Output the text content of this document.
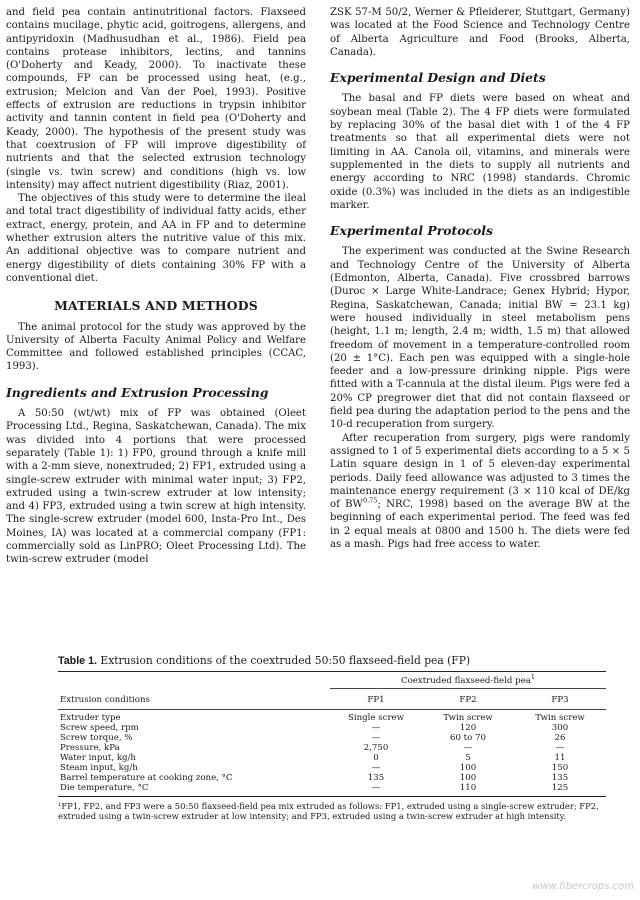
and field pea contain antinutritional factors. Flaxseed contains mucilage, phytic acid, goitrogens, allergens, and antipyridoxin (Madhusudhan et al., 1986). Field pea contains protease inhibitors, lectins, and tannins (O'Doherty and Keady, 2000). To inactivate these compounds, FP can be processed using heat, (e.g., extrusion; Melcion and Van der Poel, 1993). Positive effects of extrusion are reductions in trypsin inhibitor activity and tannin content in field pea (O'Doherty and Keady, 2000). The hypothesis of the present study was that coextrusion of FP will improve digestibility of nutrients and that the selected extrusion technology (single vs. twin screw) and conditions (high vs. low intensity) may affect nutrient digestibility (Riaz, 2001).

The objectives of this study were to determine the ileal and total tract digestibility of individual fatty acids, ether extract, energy, protein, and AA in FP and to determine whether extrusion alters the nutritive value of this mix. An additional objective was to compare nutrient and energy digestibility of diets containing 30% FP with a conventional diet.

MATERIALS AND METHODS

The animal protocol for the study was approved by the University of Alberta Faculty Animal Policy and Welfare Committee and followed established principles (CCAC, 1993).

Ingredients and Extrusion Processing

A 50:50 (wt/wt) mix of FP was obtained (Oleet Processing Ltd., Regina, Saskatchewan, Canada). The mix was divided into 4 portions that were processed separately (Table 1): 1) FP0, ground through a knife mill with a 2-mm sieve, nonextruded; 2) FP1, extruded using a single-screw extruder with minimal water input; 3) FP2, extruded using a twin-screw extruder at low intensity; and 4) FP3, extruded using a twin screw at high intensity. The single-screw extruder (model 600, Insta-Pro Int., Des Moines, IA) was located at a commercial company (FP1: commercially sold as LinPRO; Oleet Processing Ltd). The twin-screw extruder (model

ZSK 57-M 50/2, Werner & Pfleiderer, Stuttgart, Germany) was located at the Food Science and Technology Centre of Alberta Agriculture and Food (Brooks, Alberta, Canada).

Experimental Design and Diets

The basal and FP diets were based on wheat and soybean meal (Table 2). The 4 FP diets were formulated by replacing 30% of the basal diet with 1 of the 4 FP treatments so that all experimental diets were not limiting in AA. Canola oil, vitamins, and minerals were supplemented in the diets to supply all nutrients and energy according to NRC (1998) standards. Chromic oxide (0.3%) was included in the diets as an indigestible marker.

Experimental Protocols

The experiment was conducted at the Swine Research and Technology Centre of the University of Alberta (Edmonton, Alberta, Canada). Five crossbred barrows (Duroc × Large White-Landrace; Genex Hybrid; Hypor, Regina, Saskatchewan, Canada; initial BW = 23.1 kg) were housed individually in steel metabolism pens (height, 1.1 m; length, 2.4 m; width, 1.5 m) that allowed freedom of movement in a temperature-controlled room (20 ± 1°C). Each pen was equipped with a single-hole feeder and a low-pressure drinking nipple. Pigs were fitted with a T-cannula at the distal ileum. Pigs were fed a 20% CP pregrower diet that did not contain flaxseed or field pea during the adaptation period to the pens and the 10-d recuperation from surgery.

After recuperation from surgery, pigs were randomly assigned to 1 of 5 experimental diets according to a 5 × 5 Latin square design in 1 of 5 eleven-day experimental periods. Daily feed allowance was adjusted to 3 times the maintenance energy requirement (3 × 110 kcal of DE/kg of $BW^{0.75}$; NRC, 1998) based on the average BW at the beginning of each experimental period. The feed was fed in 2 equal meals at 0800 and 1500 h. The diets were fed as a mash. Pigs had free access to water.

Table 1. Extrusion conditions of the coextruded 50:50 flaxseed-field pea (FP)
	Coextruded flaxseed-field pea$^1$
Extrusion conditions	FP1	FP2	FP3
Extruder type	Single screw	Twin screw	Twin screw
Screw speed, rpm	—	120	300
Screw torque, %	—	60 to 70	26
Pressure, kPa	2,750	—	—
Water input, kg/h	0	5	11
Steam input, kg/h	—	100	150
Barrel temperature at cooking zone, °C	135	100	135
Die temperature, °C	—	110	125
¹FP1, FP2, and FP3 were a 50:50 flaxseed-field pea mix extruded as follows: FP1, extruded using a single-screw extruder; FP2, extruded using a twin-screw extruder at low intensity; and FP3, extruded using a twin-screw extruder at high intensity.
www.fibercrops.com
